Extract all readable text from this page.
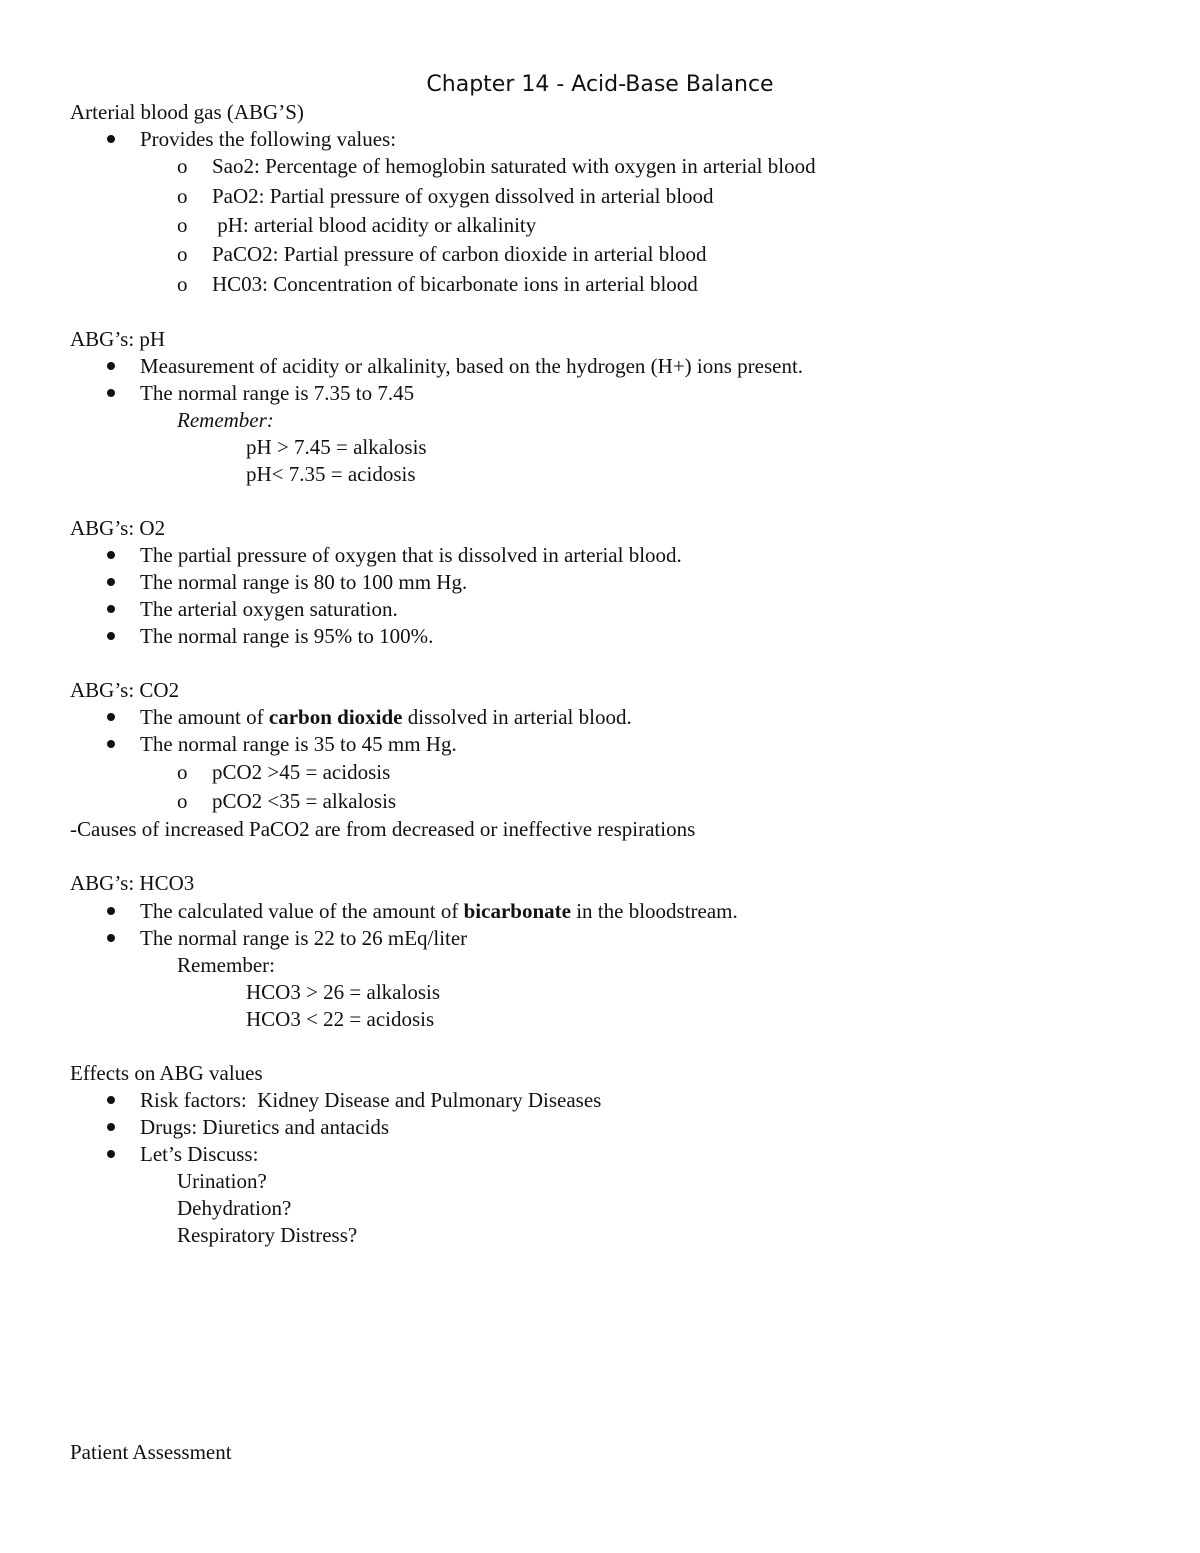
Chapter 14 - Acid-Base Balance
Arterial blood gas (ABG’S)
Provides the following values:
o Sao2: Percentage of hemoglobin saturated with oxygen in arterial blood
o PaO2: Partial pressure of oxygen dissolved in arterial blood
o pH: arterial blood acidity or alkalinity
o PaCO2: Partial pressure of carbon dioxide in arterial blood
o HC03: Concentration of bicarbonate ions in arterial blood
ABG’s: pH
Measurement of acidity or alkalinity, based on the hydrogen (H+) ions present.
The normal range is 7.35 to 7.45
Remember:
pH > 7.45 = alkalosis
pH< 7.35 = acidosis
ABG’s: O2
The partial pressure of oxygen that is dissolved in arterial blood.
The normal range is 80 to 100 mm Hg.
The arterial oxygen saturation.
The normal range is 95% to 100%.
ABG’s: CO2
The amount of carbon dioxide dissolved in arterial blood.
The normal range is 35 to 45 mm Hg.
o pCO2 >45 = acidosis
o pCO2 <35 = alkalosis
-Causes of increased PaCO2 are from decreased or ineffective respirations
ABG’s: HCO3
The calculated value of the amount of bicarbonate in the bloodstream.
The normal range is 22 to 26 mEq/liter
Remember:
HCO3 > 26 = alkalosis
HCO3 < 22 = acidosis
Effects on ABG values
Risk factors:  Kidney Disease and Pulmonary Diseases
Drugs: Diuretics and antacids
Let’s Discuss:
Urination?
Dehydration?
Respiratory Distress?
Patient Assessment
